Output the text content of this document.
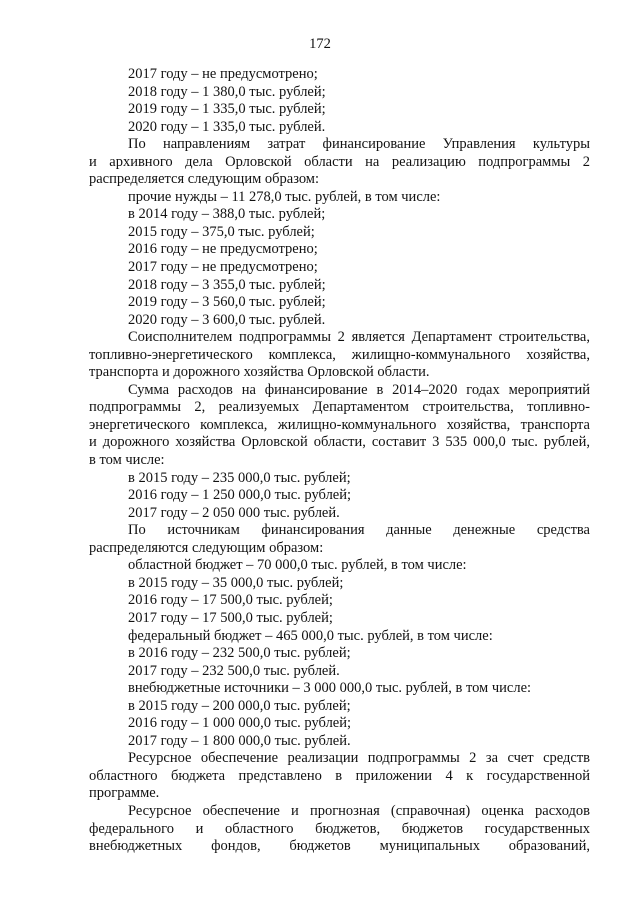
172
2017 году – не предусмотрено;
2018 году – 1 380,0 тыс. рублей;
2019 году – 1 335,0 тыс. рублей;
2020 году – 1 335,0 тыс. рублей.
По направлениям затрат финансирование Управления культуры
и архивного дела Орловской области на реализацию подпрограммы 2
распределяется следующим образом:
прочие нужды – 11 278,0 тыс. рублей, в том числе:
в 2014 году – 388,0 тыс. рублей;
2015 году – 375,0 тыс. рублей;
2016 году – не предусмотрено;
2017 году – не предусмотрено;
2018 году – 3 355,0 тыс. рублей;
2019 году – 3 560,0 тыс. рублей;
2020 году – 3 600,0 тыс. рублей.
Соисполнителем подпрограммы 2 является Департамент строительства,
топливно-энергетического комплекса, жилищно-коммунального хозяйства,
транспорта и дорожного хозяйства Орловской области.
Сумма расходов на финансирование в 2014–2020 годах мероприятий
подпрограммы 2, реализуемых Департаментом строительства, топливно-
энергетического комплекса, жилищно-коммунального хозяйства, транспорта
и дорожного хозяйства Орловской области, составит 3 535 000,0 тыс. рублей,
в том числе:
в 2015 году – 235 000,0 тыс. рублей;
2016 году – 1 250 000,0 тыс. рублей;
2017 году – 2 050 000 тыс. рублей.
По источникам финансирования данные денежные средства
распределяются следующим образом:
областной бюджет – 70 000,0 тыс. рублей, в том числе:
в 2015 году – 35 000,0 тыс. рублей;
2016 году – 17 500,0 тыс. рублей;
2017 году – 17 500,0 тыс. рублей;
федеральный бюджет – 465 000,0 тыс. рублей, в том числе:
в 2016 году – 232 500,0 тыс. рублей;
2017 году – 232 500,0 тыс. рублей.
внебюджетные источники – 3 000 000,0 тыс. рублей, в том числе:
в 2015 году – 200 000,0 тыс. рублей;
2016 году – 1 000 000,0 тыс. рублей;
2017 году – 1 800 000,0 тыс. рублей.
Ресурсное обеспечение реализации подпрограммы 2 за счет средств
областного бюджета представлено в приложении 4 к государственной
программе.
Ресурсное обеспечение и прогнозная (справочная) оценка расходов
федерального и областного бюджетов, бюджетов государственных
внебюджетных фондов, бюджетов муниципальных образований,
